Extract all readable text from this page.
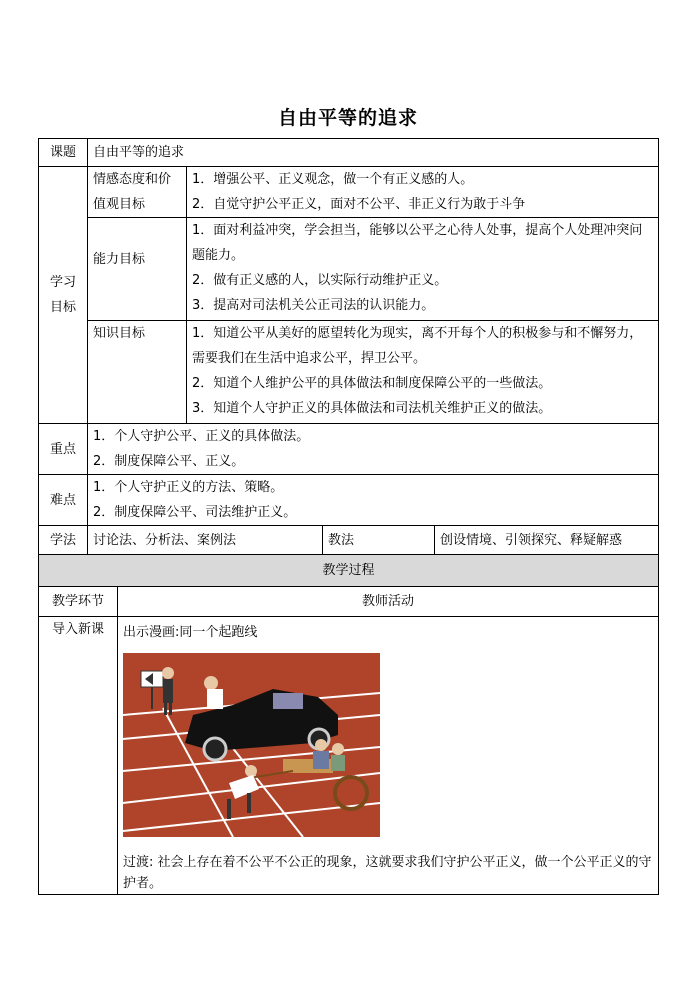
自由平等的追求
课题	自由平等的追求				

学习目标	情感态度和价值观目标		1．增强公平、正义观念，做一个有正义感的人。
2．自觉守护公平正义，面对不公平、非正义行为敢于斗争		

	能力目标		1．面对利益冲突，学会担当，能够以公平之心待人处事，提高个人处理冲突问题能力。
2．做有正义感的人，以实际行动维护正义。
3．提高对司法机关公正司法的认识能力。		

	知识目标		1．知道公平从美好的愿望转化为现实，离不开每个人的积极参与和不懈努力，需要我们在生活中追求公平，捍卫公平。
2．知道个人维护公平的具体做法和制度保障公平的一些做法。
3．知道个人守护正义的具体做法和司法机关维护正义的做法。		

重点	1．个人守护公平、正义的具体做法。
2．制度保障公平、正义。				

难点	1．个人守护正义的方法、策略。
2．制度保障公平、司法维护正义。				

学法	讨论法、分析法、案例法			教法	创设情境、引领探究、释疑解惑
教学过程					
教学环节		教师活动			
导入新课		出示漫画:同一个起跑线
过渡: 社会上存在着不公平不公正的现象，这就要求我们守护公平正义，做一个公平正义的守护者。			
